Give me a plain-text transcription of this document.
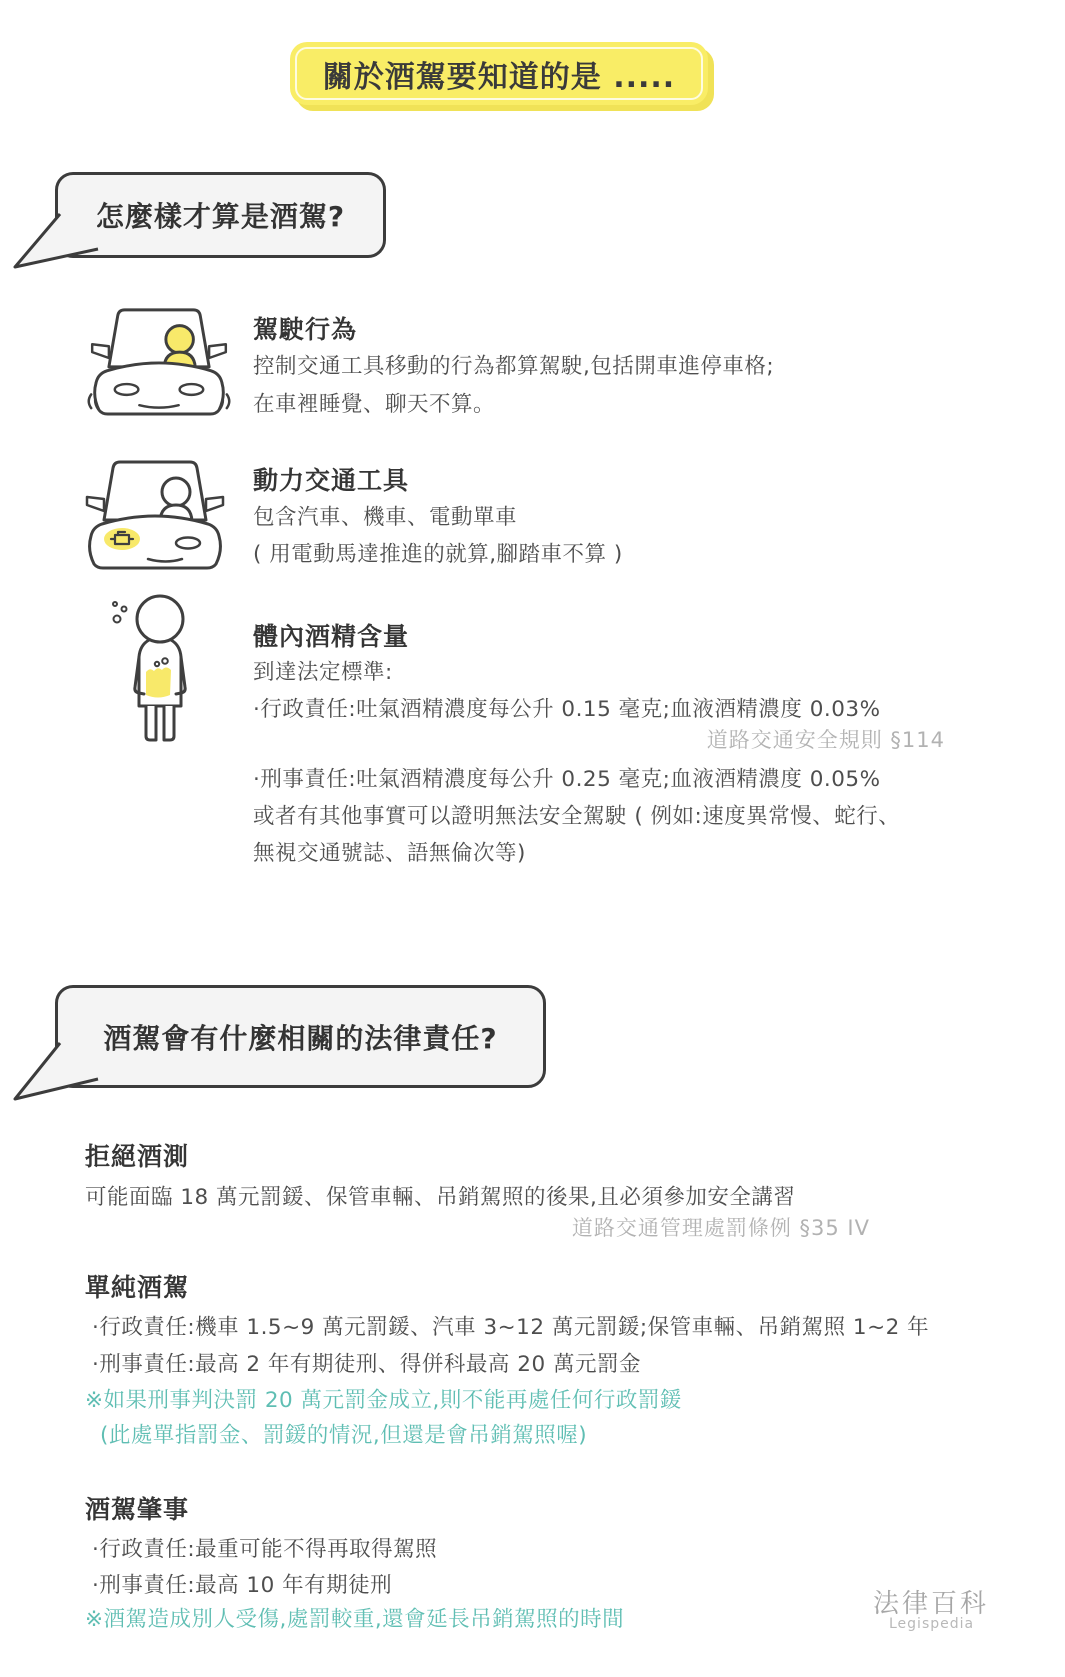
關於酒駕要知道的是 .....
怎麼樣才算是酒駕?
駕駛行為
控制交通工具移動的行為都算駕駛,包括開車進停車格;
在車裡睡覺、聊天不算。
動力交通工具
包含汽車、機車、電動單車
( 用電動馬達推進的就算,腳踏車不算 )
體內酒精含量
到達法定標準:
·行政責任:吐氣酒精濃度每公升 0.15 毫克;血液酒精濃度 0.03%
道路交通安全規則 §114
·刑事責任:吐氣酒精濃度每公升 0.25 毫克;血液酒精濃度 0.05%
或者有其他事實可以證明無法安全駕駛 ( 例如:速度異常慢、蛇行、
無視交通號誌、語無倫次等)
酒駕會有什麼相關的法律責任?
拒絕酒測
可能面臨 18 萬元罰鍰、保管車輛、吊銷駕照的後果,且必須參加安全講習
道路交通管理處罰條例 §35 IV
單純酒駕
·行政責任:機車 1.5~9 萬元罰鍰、汽車 3~12 萬元罰鍰;保管車輛、吊銷駕照 1~2 年
·刑事責任:最高 2 年有期徒刑、得併科最高 20 萬元罰金
※如果刑事判決罰 20 萬元罰金成立,則不能再處任何行政罰鍰
(此處單指罰金、罰鍰的情況,但還是會吊銷駕照喔)
酒駕肇事
·行政責任:最重可能不得再取得駕照
·刑事責任:最高 10 年有期徒刑
※酒駕造成別人受傷,處罰較重,還會延長吊銷駕照的時間
法律百科
Legispedia
